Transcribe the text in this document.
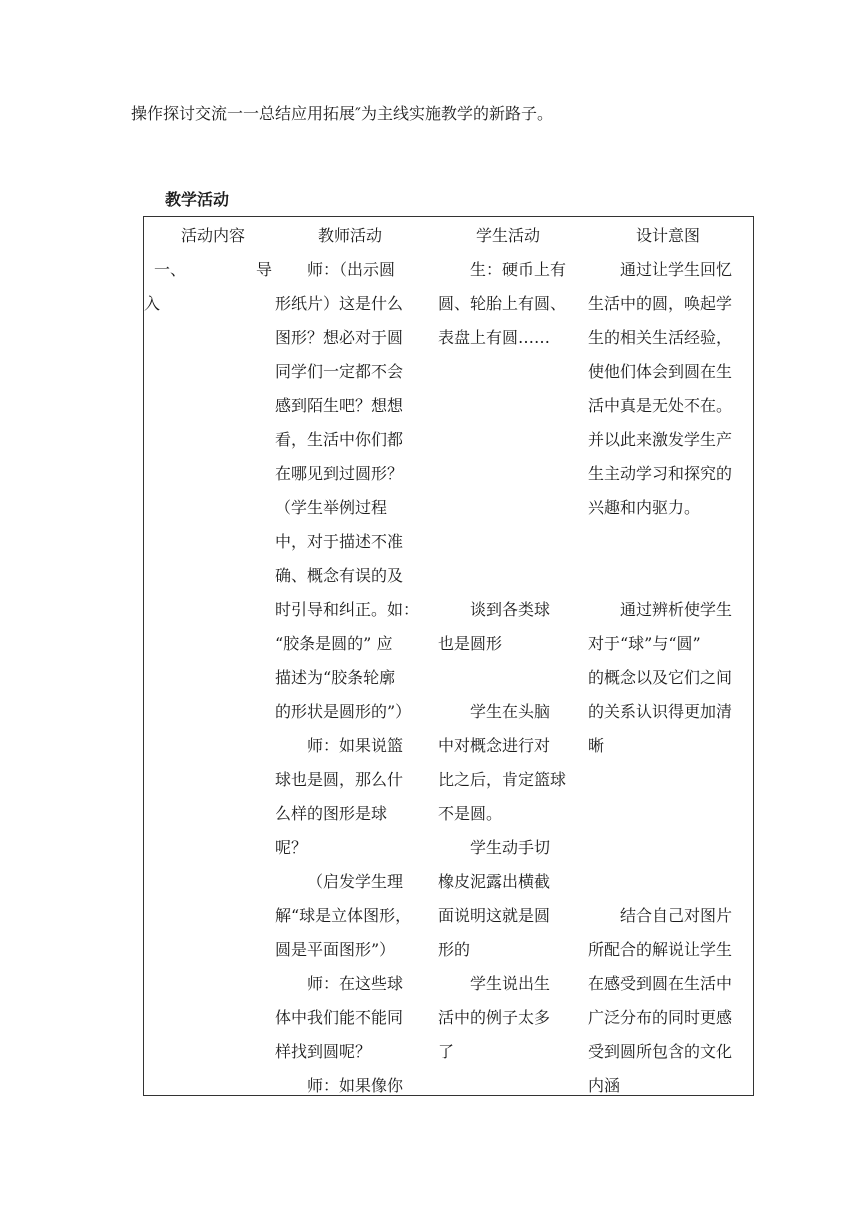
操作探讨交流一一总结应用拓展″为主线实施教学的新路子。
教学活动

活动内容

一、	导

入

教师活动

师：（出示圆

形纸片）这是什么

图形？想必对于圆

同学们一定都不会

感到陌生吧？想想

看，生活中你们都

在哪见到过圆形？

（学生举例过程

中，对于描述不准

确、概念有误的及

时引导和纠正。如：

“胶条是圆的” 应

描述为“胶条轮廓

的形状是圆形的”）

师：如果说篮

球也是圆，那么什

么样的图形是球

呢？

（启发学生理

解“球是立体图形，

圆是平面图形”）

师：在这些球

体中我们能不能同

样找到圆呢？

师：如果像你

学生活动

生：硬币上有

圆、轮胎上有圆、

表盘上有圆……

谈到各类球

也是圆形

学生在头脑

中对概念进行对

比之后，肯定篮球

不是圆。

学生动手切

橡皮泥露出横截

面说明这就是圆

形的

学生说出生

活中的例子太多

了

设计意图

通过让学生回忆

生活中的圆，唤起学

生的相关生活经验，

使他们体会到圆在生

活中真是无处不在。

并以此来激发学生产

生主动学习和探究的

兴趣和内驱力。

通过辨析使学生

对于“球”与“圆”

的概念以及它们之间

的关系认识得更加清

晰

结合自己对图片

所配合的解说让学生

在感受到圆在生活中

广泛分布的同时更感

受到圆所包含的文化

内涵
